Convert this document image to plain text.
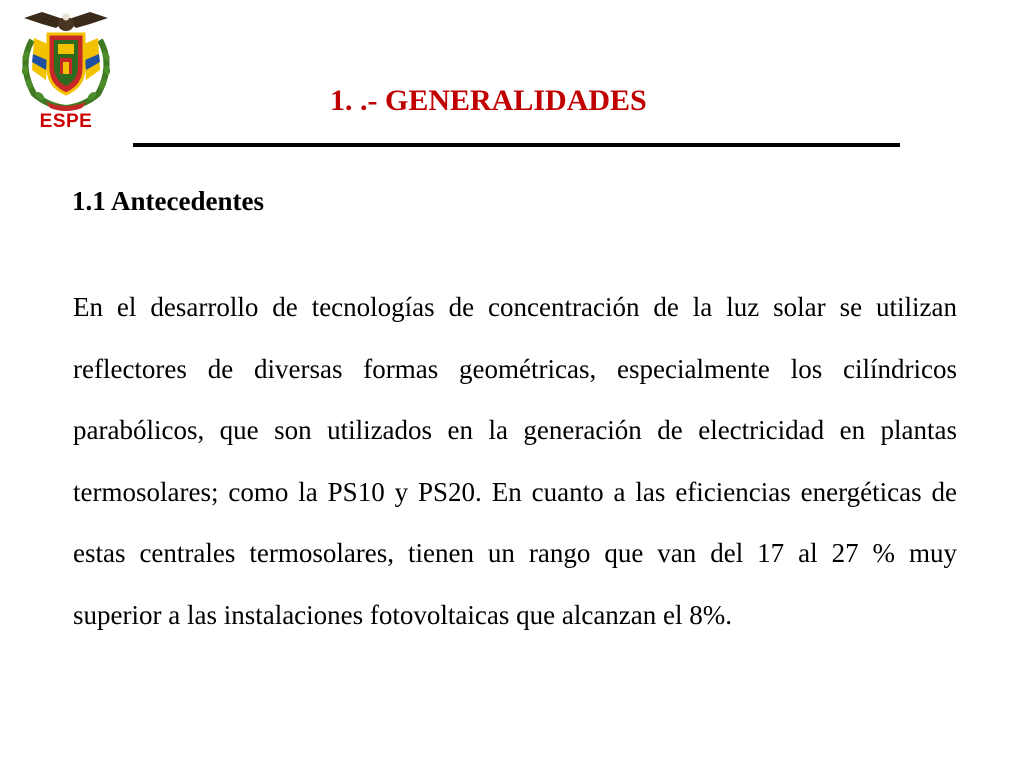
ESPE
1. .- GENERALIDADES
1.1 Antecedentes

En el desarrollo de tecnologías de concentración de la luz solar se utilizan reflectores de diversas formas geométricas, especialmente los cilíndricos parabólicos, que son utilizados en la generación de electricidad en plantas termosolares; como la PS10 y PS20. En cuanto a las eficiencias energéticas de estas centrales termosolares, tienen un rango que van del 17 al 27 % muy superior a las instalaciones fotovoltaicas que alcanzan el 8%.
